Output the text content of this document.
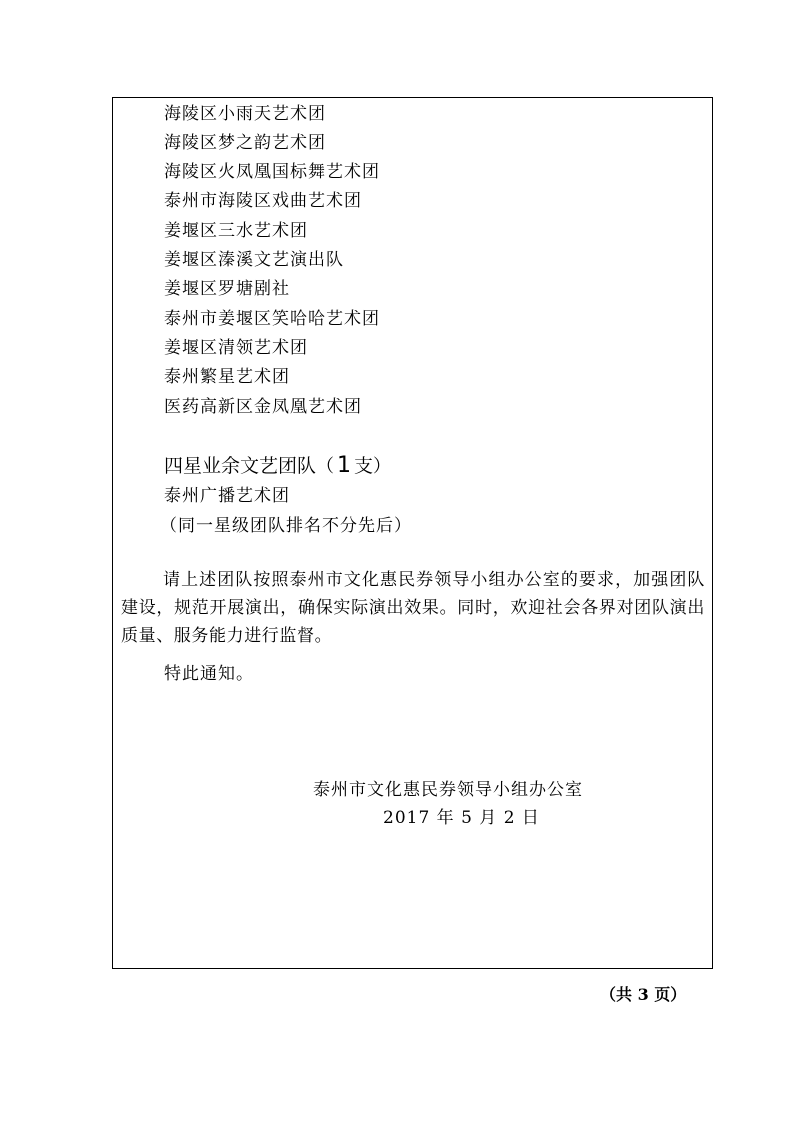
海陵区小雨天艺术团
海陵区梦之韵艺术团
海陵区火凤凰国标舞艺术团
泰州市海陵区戏曲艺术团
姜堰区三水艺术团
姜堰区溱溪文艺演出队
姜堰区罗塘剧社
泰州市姜堰区笑哈哈艺术团
姜堰区清领艺术团
泰州繁星艺术团
医药高新区金凤凰艺术团
四星业余文艺团队（ 1 支）
泰州广播艺术团
（同一星级团队排名不分先后）
请上述团队按照泰州市文化惠民券领导小组办公室的要求，加强团队建设，规范开展演出，确保实际演出效果。同时，欢迎社会各界对团队演出质量、服务能力进行监督。
特此通知。
泰州市文化惠民券领导小组办公室
2017 年 5 月 2 日
（共 3 页）
